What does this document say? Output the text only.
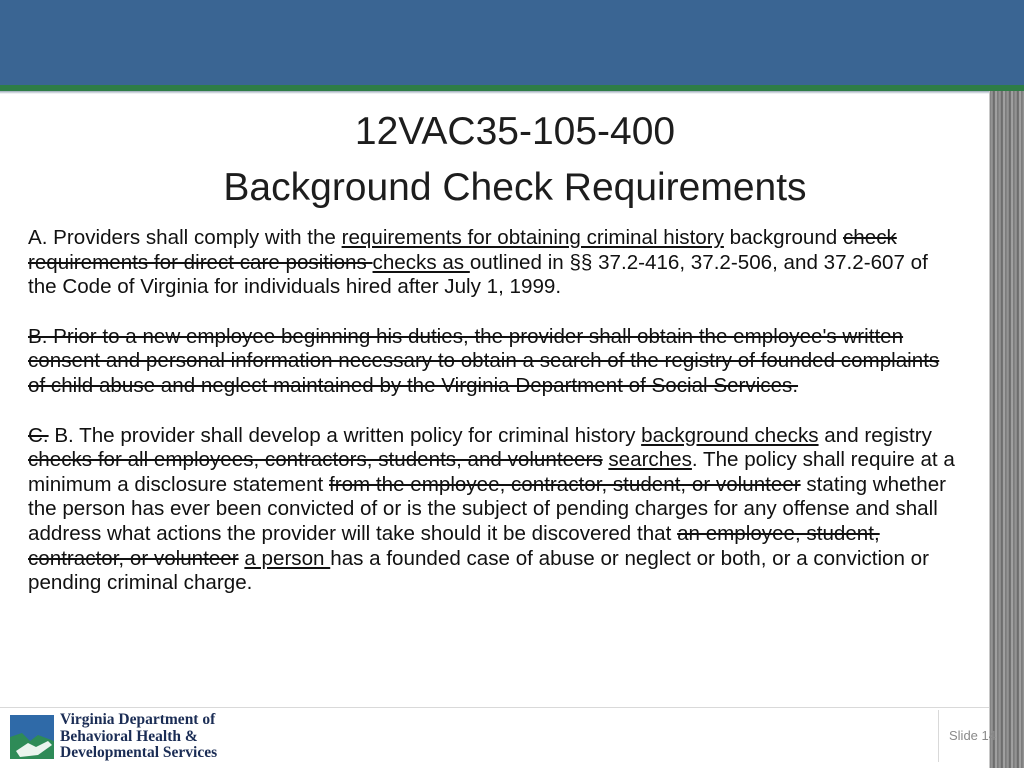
12VAC35-105-400
Background Check Requirements

A. Providers shall comply with the requirements for obtaining criminal history background check requirements for direct care positions checks as outlined in §§ 37.2-416, 37.2-506, and 37.2-607 of the Code of Virginia for individuals hired after July 1, 1999.

B. Prior to a new employee beginning his duties, the provider shall obtain the employee's written consent and personal information necessary to obtain a search of the registry of founded complaints of child abuse and neglect maintained by the Virginia Department of Social Services.

C. B. The provider shall develop a written policy for criminal history background checks and registry checks for all employees, contractors, students, and volunteers searches. The policy shall require at a minimum a disclosure statement from the employee, contractor, student, or volunteer stating whether the person has ever been convicted of or is the subject of pending charges for any offense and shall address what actions the provider will take should it be discovered that an employee, student, contractor, or volunteer a person has a founded case of abuse or neglect or both, or a conviction or pending criminal charge.

Virginia Department of
Behavioral Health &
Developmental Services
Slide 14
